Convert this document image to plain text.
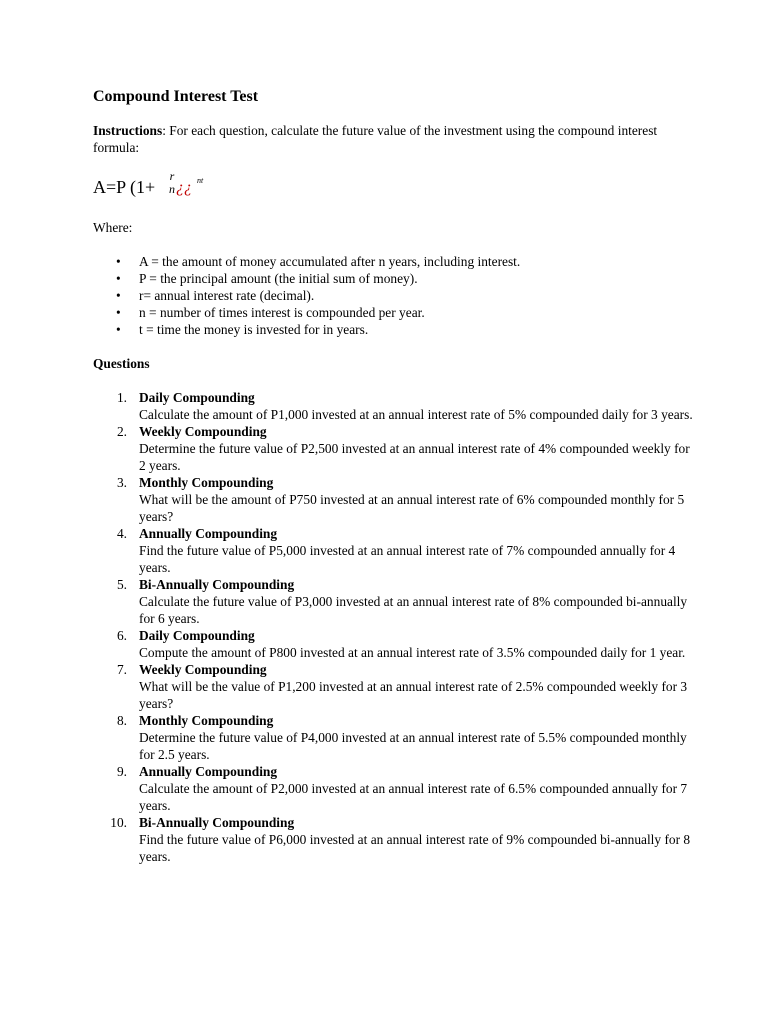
Compound Interest Test
Instructions: For each question, calculate the future value of the investment using the compound interest formula:
A=P (1+
r
n ¿¿ nt
Where:
• A = the amount of money accumulated after n years, including interest.
• P = the principal amount (the initial sum of money).
• r= annual interest rate (decimal).
• n = number of times interest is compounded per year.
• t = time the money is invested for in years.
Questions
1. Daily Compounding
Calculate the amount of P1,000 invested at an annual interest rate of 5% compounded daily for 3 years.
2. Weekly Compounding
Determine the future value of P2,500 invested at an annual interest rate of 4% compounded weekly for 2 years.
3. Monthly Compounding
What will be the amount of P750 invested at an annual interest rate of 6% compounded monthly for 5 years?
4. Annually Compounding
Find the future value of P5,000 invested at an annual interest rate of 7% compounded annually for 4 years.
5. Bi-Annually Compounding
Calculate the future value of P3,000 invested at an annual interest rate of 8% compounded bi-annually for 6 years.
6. Daily Compounding
Compute the amount of P800 invested at an annual interest rate of 3.5% compounded daily for 1 year.
7. Weekly Compounding
What will be the value of P1,200 invested at an annual interest rate of 2.5% compounded weekly for 3 years?
8. Monthly Compounding
Determine the future value of P4,000 invested at an annual interest rate of 5.5% compounded monthly for 2.5 years.
9. Annually Compounding
Calculate the amount of P2,000 invested at an annual interest rate of 6.5% compounded annually for 7 years.
10. Bi-Annually Compounding
Find the future value of P6,000 invested at an annual interest rate of 9% compounded bi-annually for 8 years.
